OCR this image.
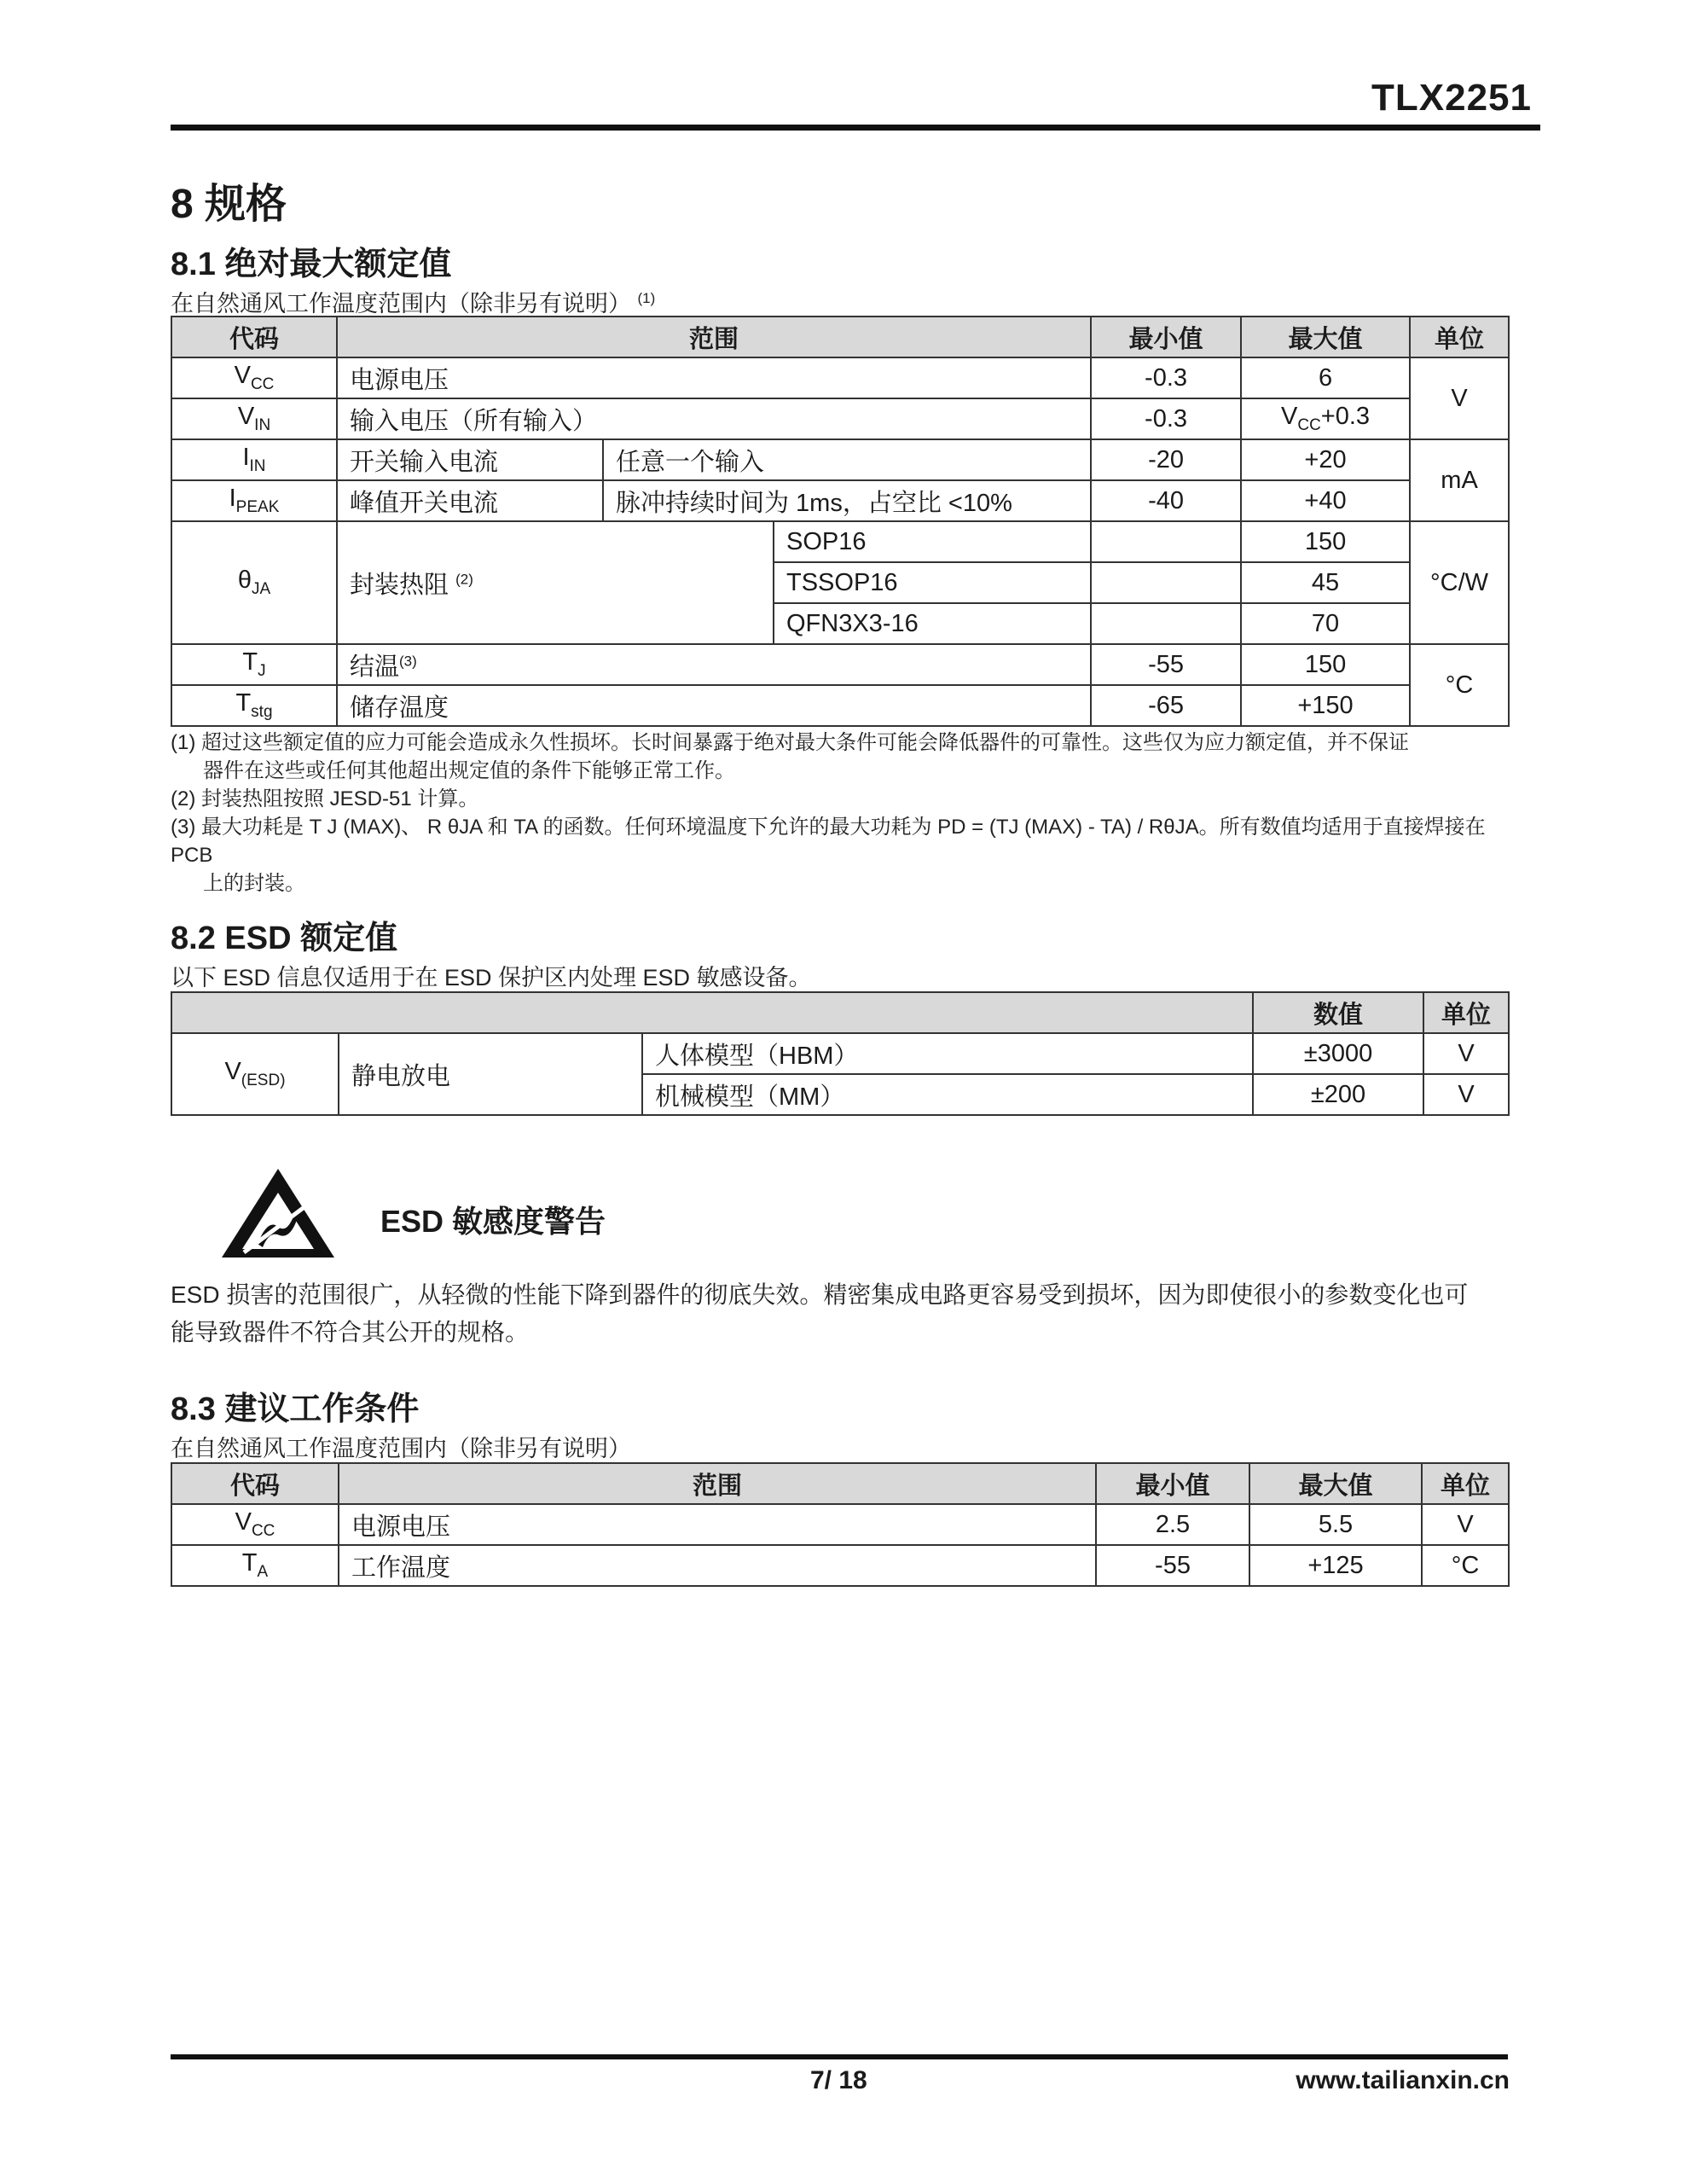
TLX2251
8 规格
8.1 绝对最大额定值
在自然通风工作温度范围内（除非另有说明） $^{(1)}$
代码	范围			最小值	最大值	单位
$V_{CC}$	电源电压			-0.3	6	V
$V_{IN}$	输入电压（所有输入）			-0.3	$V_{CC}+0.3$	
$I_{IN}$	开关输入电流	任意一个输入		-20	+20	mA
$I_{PEAK}$	峰值开关电流	脉冲持续时间为 1ms，占空比 <10%		-40	+40	
$\theta_{JA}$	封装热阻 $^{(2)}$		SOP16		150	°C/W
			TSSOP16		45	
			QFN3X3-16		70	
$T_J$	结温$^{(3)}$			-55	150	°C
$T_{stg}$	储存温度			-65	+150	
(1) 超过这些额定值的应力可能会造成永久性损坏。长时间暴露于绝对最大条件可能会降低器件的可靠性。这些仅为应力额定值，并不保证
器件在这些或任何其他超出规定值的条件下能够正常工作。
(2) 封装热阻按照 JESD-51 计算。
(3) 最大功耗是 T J (MAX)、 R θJA 和 TA 的函数。任何环境温度下允许的最大功耗为 PD = (TJ (MAX) - TA) / RθJA。所有数值均适用于直接焊接在 PCB
上的封装。
8.2 ESD 额定值
以下 ESD 信息仅适用于在 ESD 保护区内处理 ESD 敏感设备。
			数值	单位
$V_{(ESD)}$	静电放电	人体模型（HBM）	±3000	V
		机械模型（MM）	±200	V
ESD 敏感度警告
ESD 损害的范围很广，从轻微的性能下降到器件的彻底失效。精密集成电路更容易受到损坏，因为即使很小的参数变化也可
能导致器件不符合其公开的规格。
8.3 建议工作条件
在自然通风工作温度范围内（除非另有说明）
代码	范围	最小值	最大值	单位
$V_{CC}$	电源电压	2.5	5.5	V
$T_A$	工作温度	-55	+125	°C
7/ 18	www.tailianxin.cn
